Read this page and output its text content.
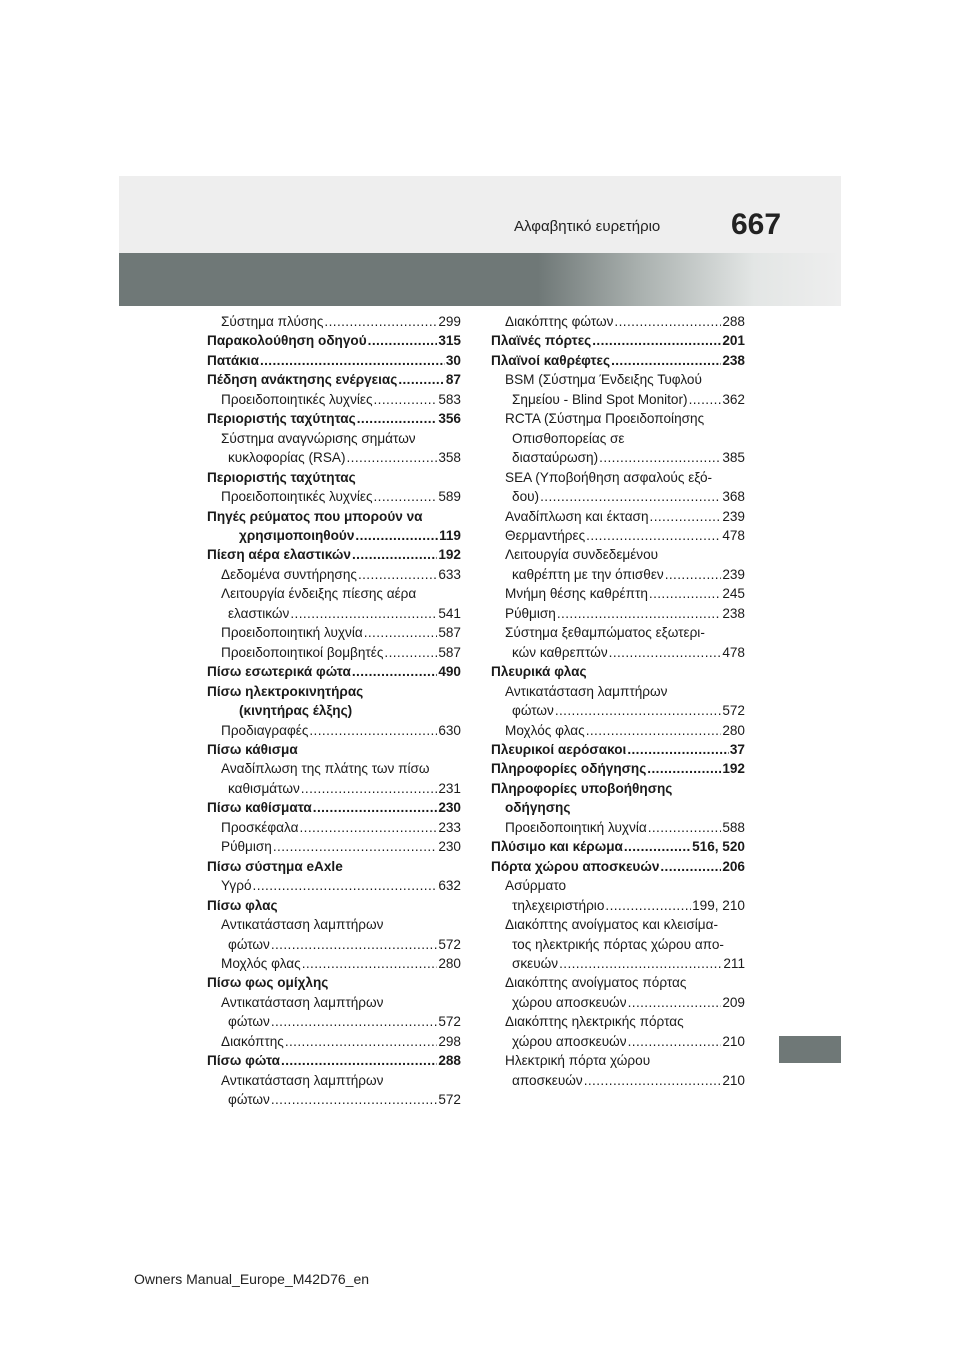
Αλφαβητικό ευρετήριο 667
Σύστημα πλύσης .....	299
Παρακολούθηση οδηγού .....	315
Πατάκια .....	30
Πέδηση ανάκτησης ενέργειας .....	87
Προειδοποιητικές λυχνίες .....	583
Περιοριστής ταχύτητας .....	356
Σύστημα αναγνώρισης σημάτων
κυκλοφορίας (RSA) .....	358
Περιοριστής ταχύτητας
Προειδοποιητικές λυχνίες .....	589
Πηγές ρεύματος που μπορούν να
χρησιμοποιηθούν .....	119
Πίεση αέρα ελαστικών .....	192
Δεδομένα συντήρησης .....	633
Λειτουργία ένδειξης πίεσης αέρα
ελαστικών .....	541
Προειδοποιητική λυχνία .....	587
Προειδοποιητικοί βομβητές .....	587
Πίσω εσωτερικά φώτα .....	490
Πίσω ηλεκτροκινητήρας
(κινητήρας έλξης)
Προδιαγραφές .....	630
Πίσω κάθισμα
Αναδίπλωση της πλάτης των πίσω
καθισμάτων .....	231
Πίσω καθίσματα .....	230
Προσκέφαλα .....	233
Ρύθμιση .....	230
Πίσω σύστημα eAxle
Υγρό .....	632
Πίσω φλας
Αντικατάσταση λαμπτήρων
φώτων .....	572
Μοχλός φλας .....	280
Πίσω φως ομίχλης
Αντικατάσταση λαμπτήρων
φώτων .....	572
Διακόπτης .....	298
Πίσω φώτα .....	288
Αντικατάσταση λαμπτήρων
φώτων .....	572
Διακόπτης φώτων .....	288
Πλαϊνές πόρτες .....	201
Πλαϊνοί καθρέφτες .....	238
BSM (Σύστημα Ένδειξης Τυφλού
Σημείου - Blind Spot Monitor) .....	362
RCTA (Σύστημα Προειδοποίησης
Οπισθοπορείας σε
διασταύρωση) .....	385
SEA (Υποβοήθηση ασφαλούς εξό-
δου) .....	368
Αναδίπλωση και έκταση .....	239
Θερμαντήρες .....	478
Λειτουργία συνδεδεμένου
καθρέπτη με την όπισθεν .....	239
Μνήμη θέσης καθρέπτη .....	245
Ρύθμιση .....	238
Σύστημα ξεθαμπώματος εξωτερι-
κών καθρεπτών .....	478
Πλευρικά φλας
Αντικατάσταση λαμπτήρων
φώτων .....	572
Μοχλός φλας .....	280
Πλευρικοί αερόσακοι .....	37
Πληροφορίες οδήγησης .....	192
Πληροφορίες υποβοήθησης
οδήγησης
Προειδοποιητική λυχνία .....	588
Πλύσιμο και κέρωμα .....	516, 520
Πόρτα χώρου αποσκευών .....	206
Ασύρματο
τηλεχειριστήριο .....	199, 210
Διακόπτης ανοίγματος και κλεισίμα-
τος ηλεκτρικής πόρτας χώρου απο-
σκευών .....	211
Διακόπτης ανοίγματος πόρτας
χώρου αποσκευών .....	209
Διακόπτης ηλεκτρικής πόρτας
χώρου αποσκευών .....	210
Ηλεκτρική πόρτα χώρου
αποσκευών .....	210
Owners Manual_Europe_M42D76_en
